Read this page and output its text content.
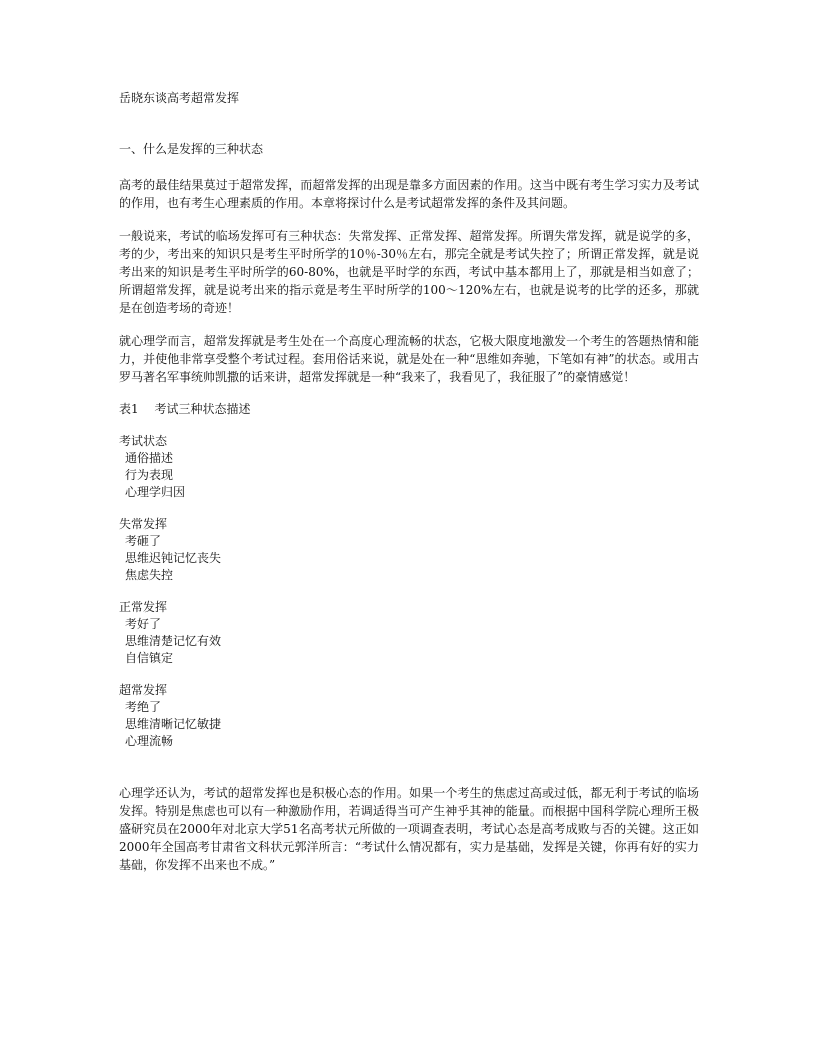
岳晓东谈高考超常发挥

一、什么是发挥的三种状态

高考的最佳结果莫过于超常发挥，而超常发挥的出现是靠多方面因素的作用。这当中既有考生学习实力及考试的作用，也有考生心理素质的作用。本章将探讨什么是考试超常发挥的条件及其问题。

一般说来，考试的临场发挥可有三种状态：失常发挥、正常发挥、超常发挥。所谓失常发挥，就是说学的多，考的少，考出来的知识只是考生平时所学的10％-30％左右，那完全就是考试失控了；所谓正常发挥，就是说考出来的知识是考生平时所学的60-80%，也就是平时学的东西，考试中基本都用上了，那就是相当如意了；所谓超常发挥，就是说考出来的指示竟是考生平时所学的100～120%左右，也就是说考的比学的还多，那就是在创造考场的奇迹！

就心理学而言，超常发挥就是考生处在一个高度心理流畅的状态，它极大限度地激发一个考生的答题热情和能力，并使他非常享受整个考试过程。套用俗话来说，就是处在一种“思维如奔驰，下笔如有神”的状态。或用古罗马著名军事统帅凯撒的话来讲，超常发挥就是一种“我来了，我看见了，我征服了”的豪情感觉！

表1　 考试三种状态描述

考试状态

通俗描述

行为表现

心理学归因

失常发挥

考砸了

思维迟钝记忆丧失

焦虑失控

正常发挥

考好了

思维清楚记忆有效

自信镇定

超常发挥

考绝了

思维清晰记忆敏捷

心理流畅

心理学还认为，考试的超常发挥也是积极心态的作用。如果一个考生的焦虑过高或过低，都无利于考试的临场发挥。特别是焦虑也可以有一种激励作用，若调适得当可产生神乎其神的能量。而根据中国科学院心理所王极盛研究员在2000年对北京大学51名高考状元所做的一项调查表明，考试心态是高考成败与否的关键。这正如2000年全国高考甘肃省文科状元郭洋所言：“考试什么情况都有，实力是基础，发挥是关键，你再有好的实力基础，你发挥不出来也不成。”
